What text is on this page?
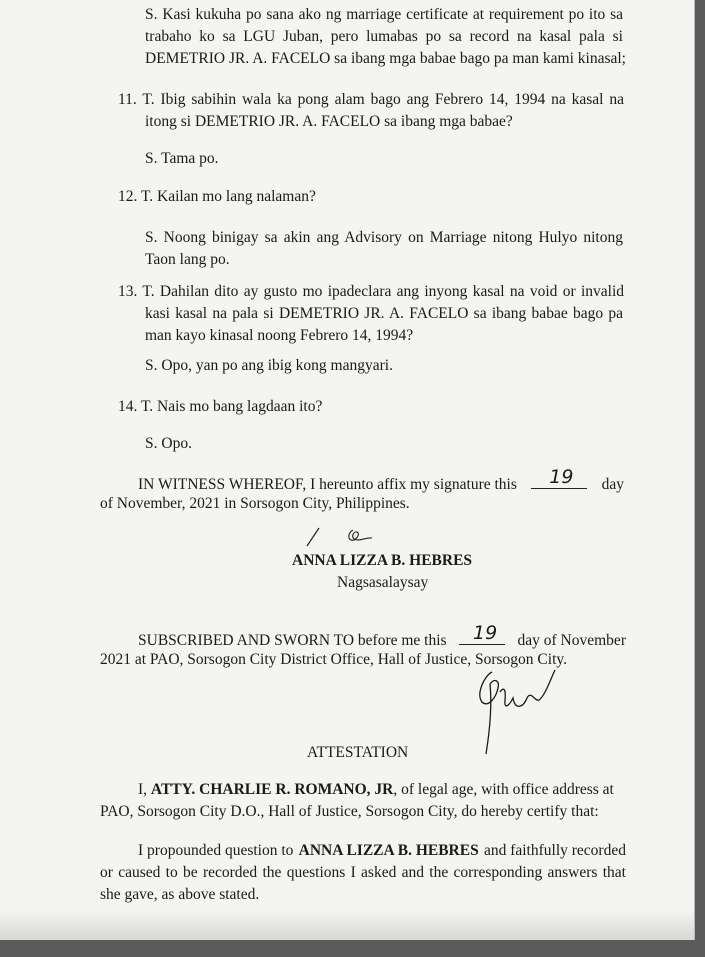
S. Kasi kukuha po sana ako ng marriage certificate at requirement po ito sa
trabaho ko sa LGU Juban, pero lumabas po sa record na kasal pala si
DEMETRIO JR. A. FACELO sa ibang mga babae bago pa man kami kinasal;
11. T. Ibig sabihin wala ka pong alam bago ang Febrero 14, 1994 na kasal na
itong si DEMETRIO JR. A. FACELO sa ibang mga babae?
S. Tama po.
12. T. Kailan mo lang nalaman?
S. Noong binigay sa akin ang Advisory on Marriage nitong Hulyo nitong
Taon lang po.
13. T. Dahilan dito ay gusto mo ipadeclara ang inyong kasal na void or invalid
kasi kasal na pala si DEMETRIO JR. A. FACELO sa ibang babae bago pa
man kayo kinasal noong Febrero 14, 1994?
S. Opo, yan po ang ibig kong mangyari.
14. T. Nais mo bang lagdaan ito?
S. Opo.
IN WITNESS WHEREOF, I hereunto affix my signature this 19 day
of November, 2021 in Sorsogon City, Philippines.
ANNA LIZZA B. HEBRES
Nagsasalaysay
SUBSCRIBED AND SWORN TO before me this 19 day of November
2021 at PAO, Sorsogon City District Office, Hall of Justice, Sorsogon City.
ATTESTATION
I,
ATTY. CHARLIE R. ROMANO, JR , of legal age, with office address at
PAO, Sorsogon City D.O., Hall of Justice, Sorsogon City, do hereby certify that:
I propounded question to ANNA LIZZA B. HEBRES and faithfully recorded
or caused to be recorded the questions I asked and the corresponding answers that
she gave, as above stated.
